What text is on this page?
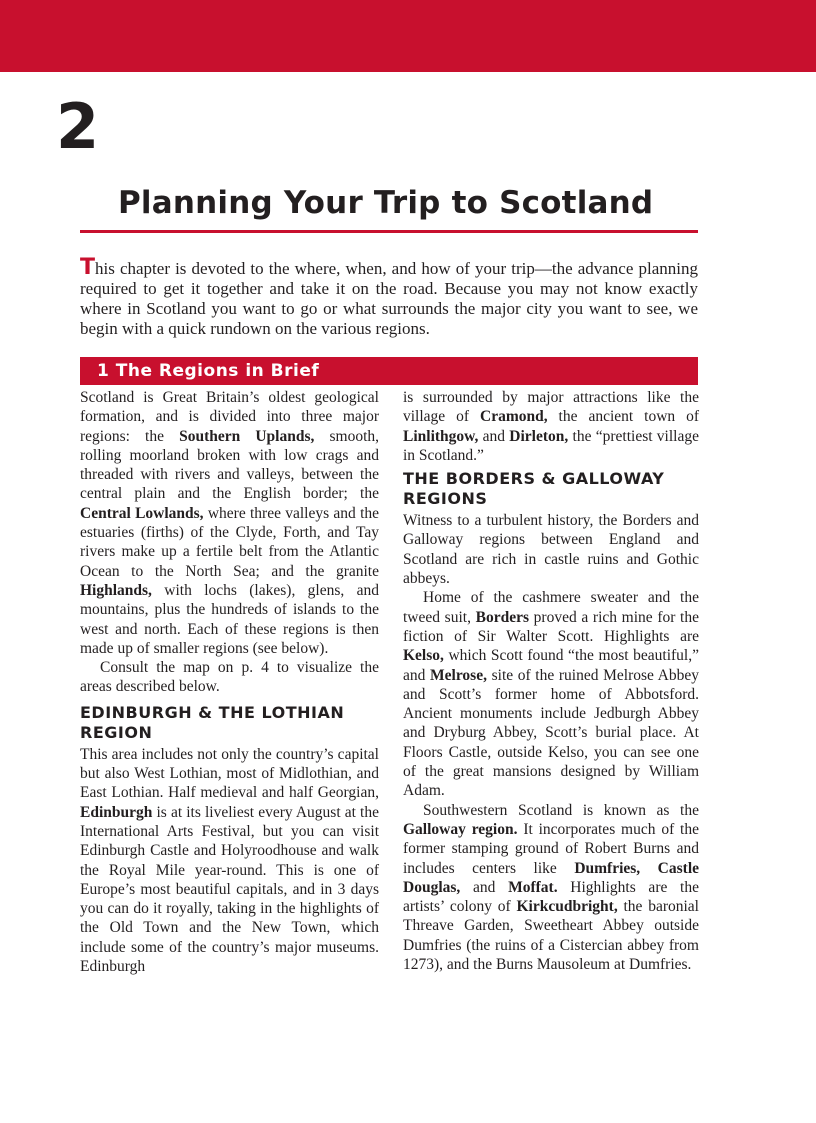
2
Planning Your Trip to Scotland

This chapter is devoted to the where, when, and how of your trip—the advance planning required to get it together and take it on the road. Because you may not know exactly where in Scotland you want to go or what surrounds the major city you want to see, we begin with a quick rundown on the various regions.

1 The Regions in Brief

Scotland is Great Britain’s oldest geological formation, and is divided into three major regions: the Southern Uplands, smooth, rolling moorland broken with low crags and threaded with rivers and valleys, between the central plain and the English border; the Central Lowlands, where three valleys and the estuaries (firths) of the Clyde, Forth, and Tay rivers make up a fertile belt from the Atlantic Ocean to the North Sea; and the granite Highlands, with lochs (lakes), glens, and mountains, plus the hundreds of islands to the west and north. Each of these regions is then made up of smaller regions (see below).

Consult the map on p. 4 to visualize the areas described below.

EDINBURGH & THE LOTHIAN REGION

This area includes not only the country’s capital but also West Lothian, most of Midlothian, and East Lothian. Half medieval and half Georgian, Edinburgh is at its liveliest every August at the International Arts Festival, but you can visit Edinburgh Castle and Holyroodhouse and walk the Royal Mile year-round. This is one of Europe’s most beautiful capitals, and in 3 days you can do it royally, taking in the highlights of the Old Town and the New Town, which include some of the country’s major museums. Edinburgh

is surrounded by major attractions like the village of Cramond, the ancient town of Linlithgow, and Dirleton, the “prettiest village in Scotland.”

THE BORDERS & GALLOWAY REGIONS

Witness to a turbulent history, the Borders and Galloway regions between England and Scotland are rich in castle ruins and Gothic abbeys.

Home of the cashmere sweater and the tweed suit, Borders proved a rich mine for the fiction of Sir Walter Scott. Highlights are Kelso, which Scott found “the most beautiful,” and Melrose, site of the ruined Melrose Abbey and Scott’s former home of Abbotsford. Ancient monuments include Jedburgh Abbey and Dryburg Abbey, Scott’s burial place. At Floors Castle, outside Kelso, you can see one of the great mansions designed by William Adam.

Southwestern Scotland is known as the Galloway region. It incorporates much of the former stamping ground of Robert Burns and includes centers like Dumfries, Castle Douglas, and Moffat. Highlights are the artists’ colony of Kirkcudbright, the baronial Threave Garden, Sweetheart Abbey outside Dumfries (the ruins of a Cistercian abbey from 1273), and the Burns Mausoleum at Dumfries.
